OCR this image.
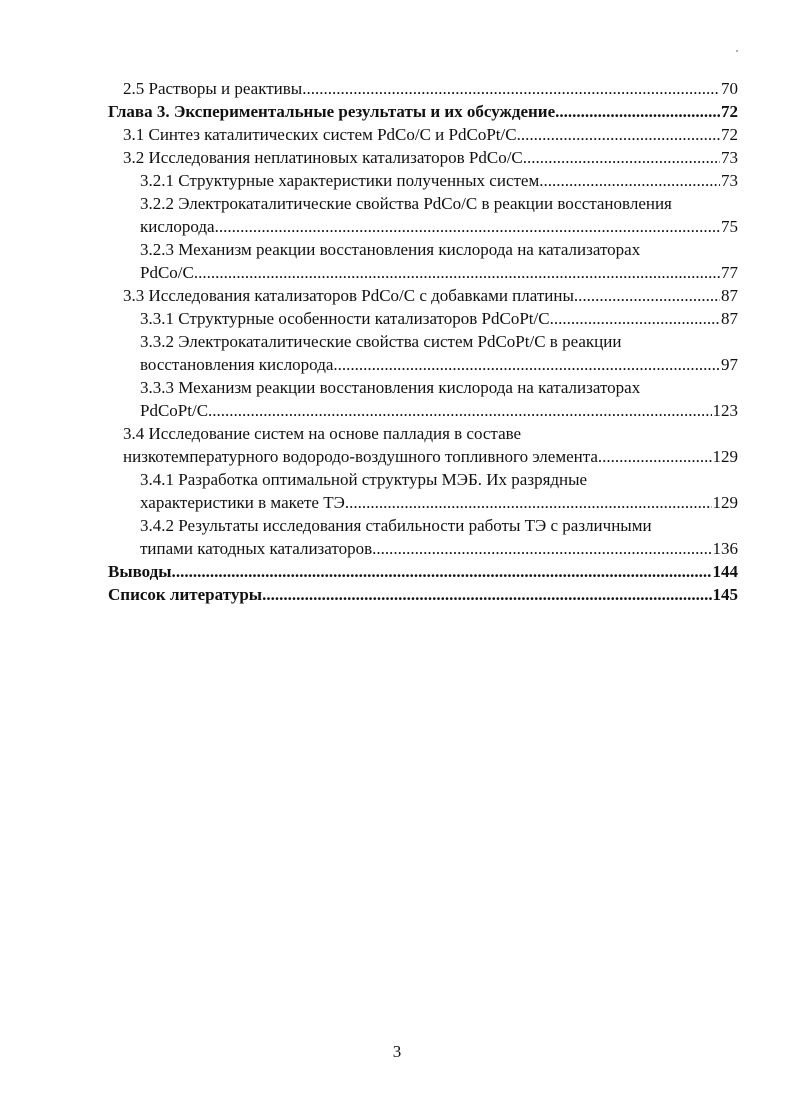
2.5 Растворы и реактивы .....	70
Глава 3. Экспериментальные результаты и их обсуждение .....	72
3.1 Синтез каталитических систем PdCo/C и PdCoPt/C .....	72
3.2 Исследования неплатиновых катализаторов PdCo/C. .....	73
3.2.1 Структурные характеристики полученных систем. .....	73
3.2.2 Электрокаталитические свойства PdCo/C в реакции восстановления
кислорода. .....	75
3.2.3 Механизм реакции восстановления кислорода на катализаторах
PdCo/C. .....	77
3.3 Исследования катализаторов PdCo/C с добавками платины. .....	87
3.3.1 Структурные особенности катализаторов PdCoPt/C. .....	87
3.3.2 Электрокаталитические свойства систем PdCoPt/C в реакции
восстановления кислорода. .....	97
3.3.3 Механизм реакции восстановления кислорода на катализаторах
PdCoPt/C. .....	123
3.4 Исследование систем на основе палладия в составе
низкотемпературного водородо-воздушного топливного элемента .....	129
3.4.1 Разработка оптимальной структуры МЭБ. Их разрядные
характеристики в макете ТЭ. .....	129
3.4.2 Результаты исследования стабильности работы ТЭ с различными
типами катодных катализаторов. .....	136
Выводы. .....	144
Список литературы .....	145
3
